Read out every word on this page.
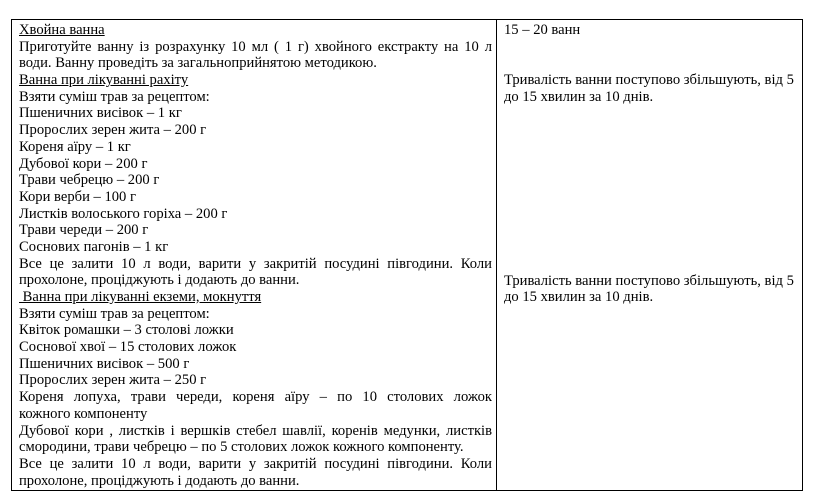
Хвойна ванна
Приготуйте ванну із розрахунку 10 мл ( 1 г) хвойного екстракту на 10 л
води. Ванну проведіть за загальноприйнятою методикою.
Ванна при лікуванні рахіту
Взяти суміш трав за рецептом:
Пшеничних висівок – 1 кг
Пророслих зерен жита – 200 г
Кореня аїру – 1 кг
Дубової кори – 200 г
Трави чебрецю – 200 г
Кори верби – 100 г
Листків волоського горіха – 200 г
Трави череди – 200 г
Соснових пагонів – 1 кг
Все це залити 10 л води, варити у закритій посудині півгодини. Коли
прохолоне, проціджують і додають до ванни.
Ванна при лікуванні екземи, мокнуття
Взяти суміш трав за рецептом:
Квіток ромашки – 3 столові ложки
Соснової хвої – 15 столових ложок
Пшеничних висівок – 500 г
Пророслих зерен жита – 250 г
Кореня лопуха, трави череди, кореня аїру – по 10 столових ложок
кожного компоненту
Дубової кори , листків і вершків стебел шавлії, коренів медунки, листків
смородини, трави чебрецю – по 5 столових ложок кожного компоненту.
Все це залити 10 л води, варити у закритій посудині півгодини. Коли
прохолоне, проціджують і додають до ванни.
15 – 20 ванн
Тривалість ванни поступово збільшують, від 5 до 15 хвилин за 10 днів.
Тривалість ванни поступово збільшують, від 5 до 15 хвилин за 10 днів.
